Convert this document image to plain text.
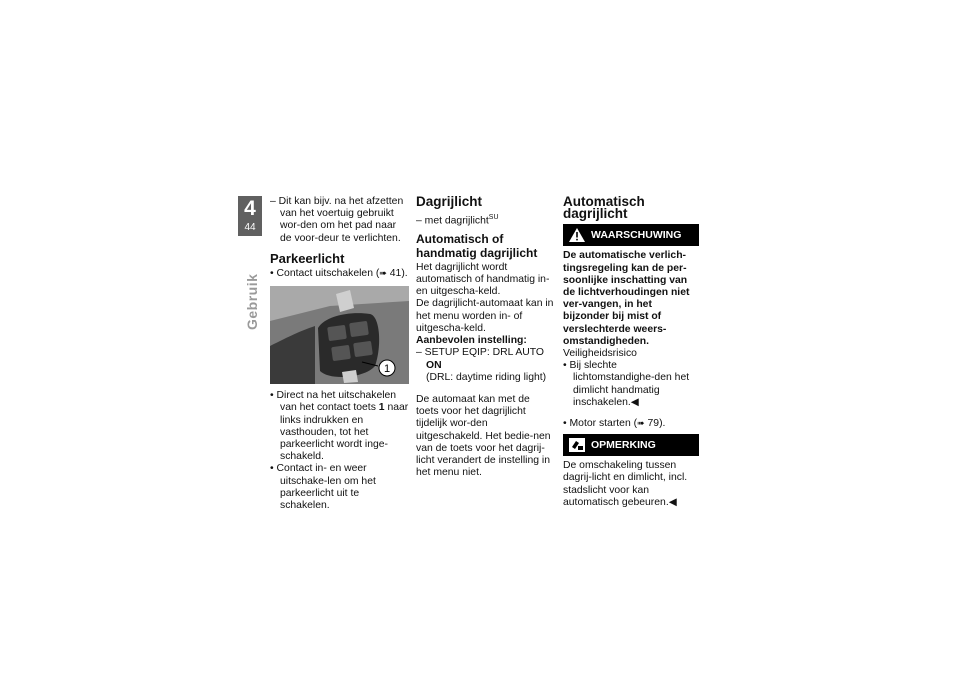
4
44
Gebruik

– Dit kan bijv. na het afzetten van het voertuig gebruikt wor-den om het pad naar de voor-deur te verlichten.

Parkeerlicht

• Contact uitschakelen (➠ 41).

1

• Direct na het uitschakelen van het contact toets 1 naar links indrukken en vasthouden, tot het parkeerlicht wordt inge-schakeld.

• Contact in- en weer uitschake-len om het parkeerlicht uit te schakelen.

Dagrijlicht

– met dagrijlicht$^{SU}$

Automatisch of handmatig dagrijlicht

Het dagrijlicht wordt automatisch of handmatig in- en uitgescha-keld.

De dagrijlicht-automaat kan in het menu worden in- of uitgescha-keld.

Aanbevolen instelling:

– SETUP EQIP: DRL AUTO ON

(DRL: daytime riding light)

De automaat kan met de toets voor het dagrijlicht tijdelijk wor-den uitgeschakeld. Het bedie-nen van de toets voor het dagrij-licht verandert de instelling in het menu niet.

Automatisch dagrijlicht
WAARSCHUWING

De automatische verlich-tingsregeling kan de per-soonlijke inschatting van de lichtverhoudingen niet ver-vangen, in het bijzonder bij mist of verslechterde weers-omstandigheden.

Veiligheidsrisico

• Bij slechte lichtomstandighe-den het dimlicht handmatig inschakelen.◀

• Motor starten (➠ 79).

OPMERKING

De omschakeling tussen dagrij-licht en dimlicht, incl. stadslicht voor kan automatisch gebeuren.◀
